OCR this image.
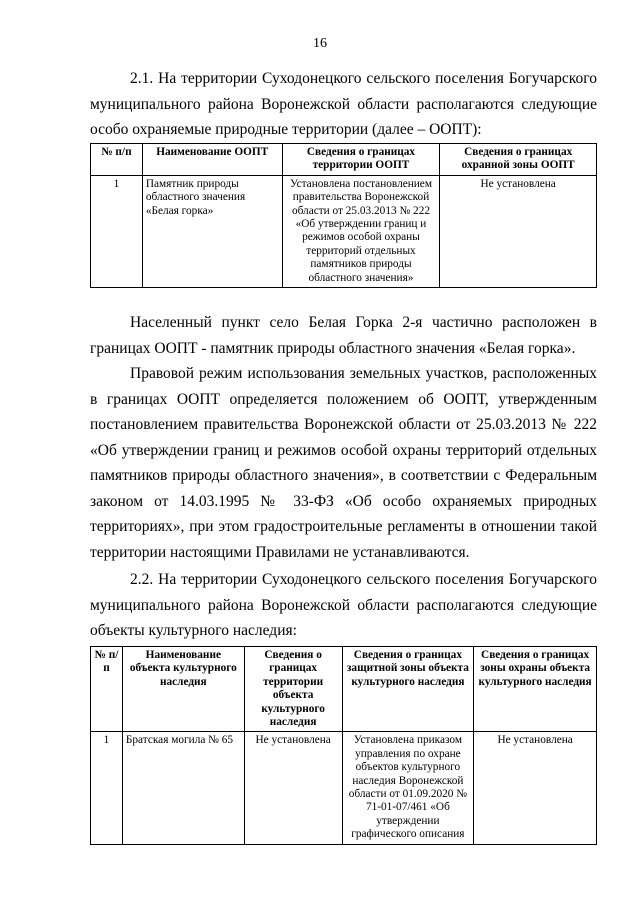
16

2.1. На территории Суходонецкого сельского поселения Богучарского муниципального района Воронежской области располагаются следующие особо охраняемые природные территории (далее – ООПТ):

№ п/п	Наименование ООПТ	Сведения о границах территории ООПТ	Сведения о границах охранной зоны ООПТ
1	Памятник природы областного значения «Белая горка»	Установлена постановлением правительства Воронежской области от 25.03.2013 № 222 «Об утверждении границ и режимов особой охраны территорий отдельных памятников природы областного значения»	Не установлена

Населенный пункт село Белая Горка 2-я частично расположен в границах ООПТ - памятник природы областного значения «Белая горка».

Правовой режим использования земельных участков, расположенных в границах ООПТ определяется положением об ООПТ, утвержденным постановлением правительства Воронежской области от 25.03.2013 № 222 «Об утверждении границ и режимов особой охраны территорий отдельных памятников природы областного значения», в соответствии с Федеральным законом от 14.03.1995 № 33-ФЗ «Об особо охраняемых природных территориях», при этом градостроительные регламенты в отношении такой территории настоящими Правилами не устанавливаются.

2.2. На территории Суходонецкого сельского поселения Богучарского муниципального района Воронежской области располагаются следующие объекты культурного наследия:

№ п/п	Наименование объекта культурного наследия	Сведения о границах территории объекта культурного наследия	Сведения о границах защитной зоны объекта культурного наследия	Сведения о границах зоны охраны объекта культурного наследия
1	Братская могила № 65	Не установлена	Установлена приказом управления по охране объектов культурного наследия Воронежской области от 01.09.2020 № 71-01-07/461 «Об утверждении графического описания	Не установлена
